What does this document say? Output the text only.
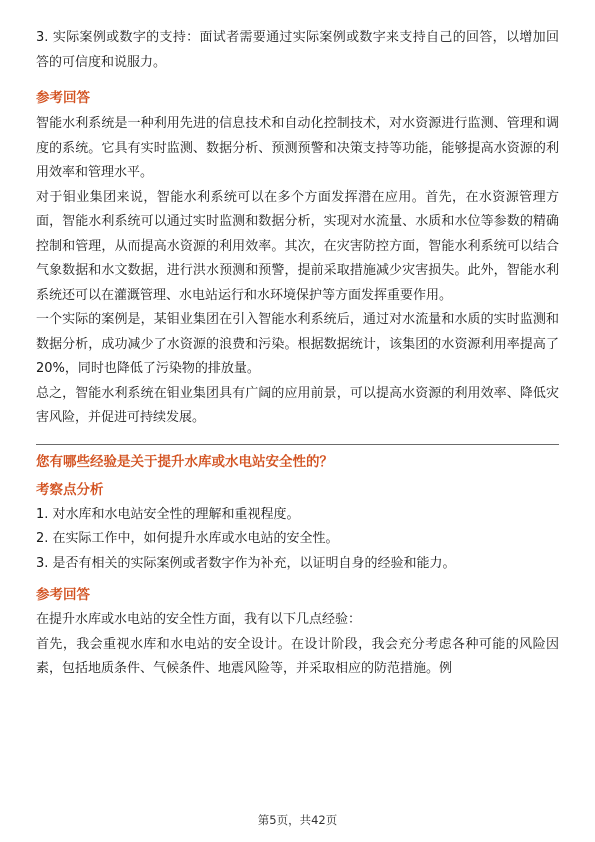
3. 实际案例或数字的支持：面试者需要通过实际案例或数字来支持自己的回答，以增加回答的可信度和说服力。

参考回答

智能水利系统是一种利用先进的信息技术和自动化控制技术，对水资源进行监测、管理和调度的系统。它具有实时监测、数据分析、预测预警和决策支持等功能，能够提高水资源的利用效率和管理水平。

对于钼业集团来说，智能水利系统可以在多个方面发挥潜在应用。首先，在水资源管理方面，智能水利系统可以通过实时监测和数据分析，实现对水流量、水质和水位等参数的精确控制和管理，从而提高水资源的利用效率。其次，在灾害防控方面，智能水利系统可以结合气象数据和水文数据，进行洪水预测和预警，提前采取措施减少灾害损失。此外，智能水利系统还可以在灌溉管理、水电站运行和水环境保护等方面发挥重要作用。

一个实际的案例是，某钼业集团在引入智能水利系统后，通过对水流量和水质的实时监测和数据分析，成功减少了水资源的浪费和污染。根据数据统计，该集团的水资源利用率提高了20%，同时也降低了污染物的排放量。

总之，智能水利系统在钼业集团具有广阔的应用前景，可以提高水资源的利用效率、降低灾害风险，并促进可持续发展。

您有哪些经验是关于提升水库或水电站安全性的？

考察点分析

1. 对水库和水电站安全性的理解和重视程度。

2. 在实际工作中，如何提升水库或水电站的安全性。

3. 是否有相关的实际案例或者数字作为补充，以证明自身的经验和能力。

参考回答

在提升水库或水电站的安全性方面，我有以下几点经验：

首先，我会重视水库和水电站的安全设计。在设计阶段，我会充分考虑各种可能的风险因素，包括地质条件、气候条件、地震风险等，并采取相应的防范措施。例

第5页，共42页
